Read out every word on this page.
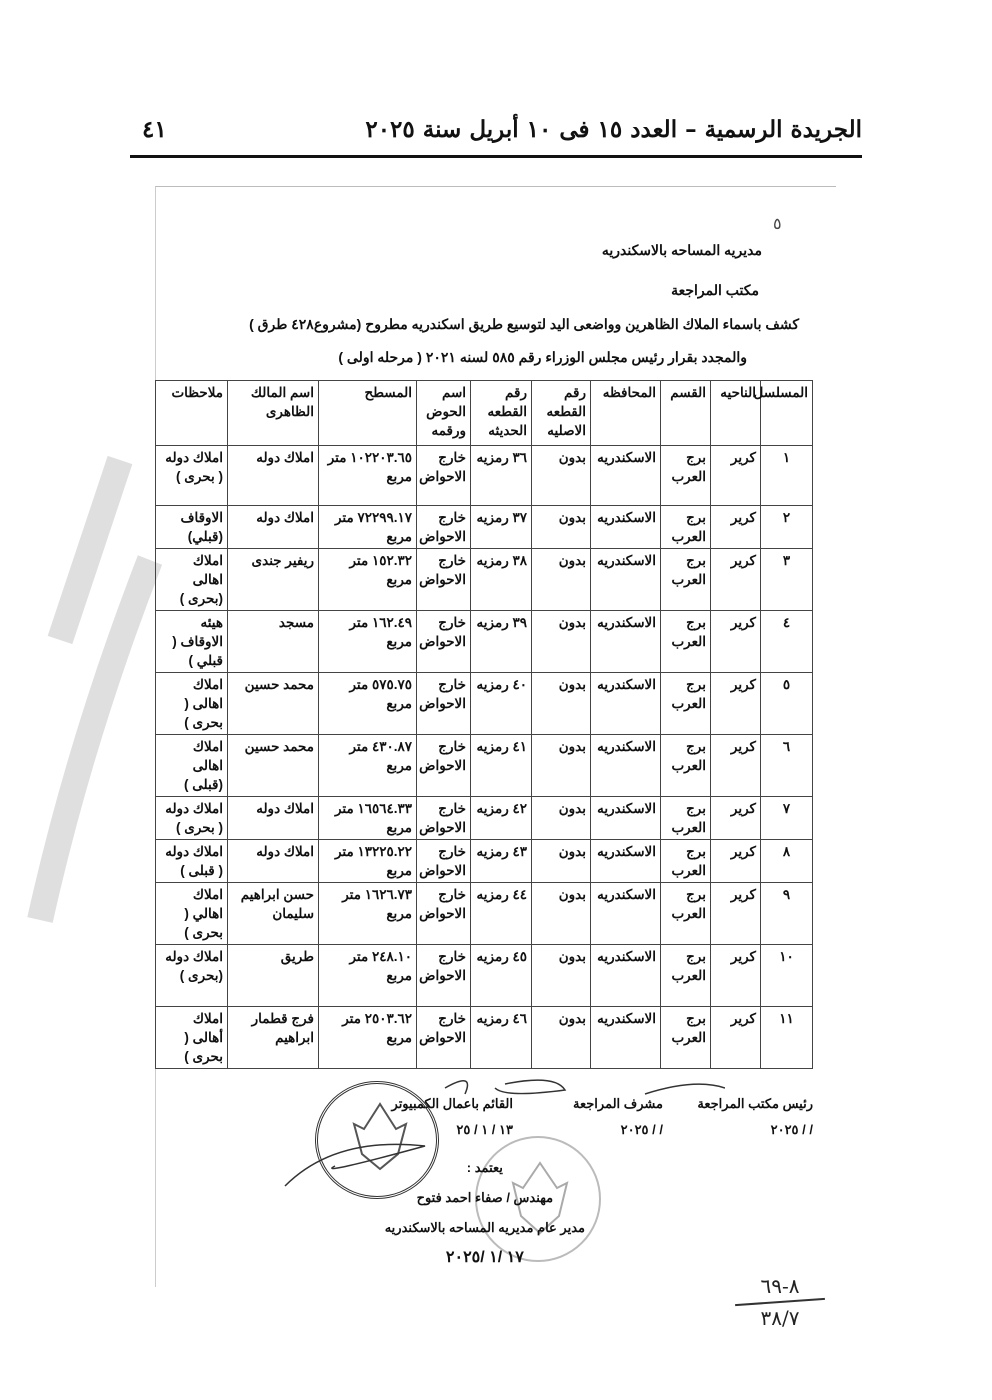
الجريدة الرسمية – العدد ١٥ فى ١٠ أبريل سنة ٢٠٢٥
٤١
٥
مديريه المساحه بالاسكندريه
مكتب المراجعة
كشف باسماء الملاك الظاهرين وواضعى اليد لتوسيع طريق اسكندريه مطروح (مشروع٤٢٨ طرق )
والمجدد بقرار رئيس مجلس الوزراء رقم ٥٨٥ لسنه ٢٠٢١ ( مرحله اولى )
المسلسل	الناحيه	القسم	المحافظه	رقم القطعه الاصليه	رقم القطعه الحديثه	اسم الحوض ورقمه	المسطح	اسم المالك الظاهرى	ملاحظات
١	كرير	برج العرب	الاسكندريه	بدون	٣٦ رمزيه	خارج الاحواض	١٠٢٢٠٣.٦٥ متر مربع	املاك دوله	املاك دوله ( بحرى )
٢	كرير	برج العرب	الاسكندريه	بدون	٣٧ رمزيه	خارج الاحواض	٧٢٢٩٩.١٧ متر مربع	املاك دوله	الاوقاف (قبلي)
٣	كرير	برج العرب	الاسكندريه	بدون	٣٨ رمزيه	خارج الاحواض	١٥٢.٣٢ متر مربع	ريفير جندى	املاك اهالى (بحرى )
٤	كرير	برج العرب	الاسكندريه	بدون	٣٩ رمزيه	خارج الاحواض	١٦٢.٤٩ متر مربع	مسجد	هيئه الاوقاف ( قبلي )
٥	كرير	برج العرب	الاسكندريه	بدون	٤٠ رمزيه	خارج الاحواض	٥٧٥.٧٥ متر مربع	محمد حسين	املاك اهالى ( بحرى )
٦	كرير	برج العرب	الاسكندريه	بدون	٤١ رمزيه	خارج الاحواض	٤٣٠.٨٧ متر مربع	محمد حسين	املاك اهالى (قبلى )
٧	كرير	برج العرب	الاسكندريه	بدون	٤٢ رمزيه	خارج الاحواض	١٦٥٦٤.٣٣ متر مربع	املاك دوله	املاك دوله ( بحرى )
٨	كرير	برج العرب	الاسكندريه	بدون	٤٣ رمزيه	خارج الاحواض	١٣٢٢٥.٢٢ متر مربع	املاك دوله	املاك دوله ( قبلى )
٩	كرير	برج العرب	الاسكندريه	بدون	٤٤ رمزيه	خارج الاحواض	١٦٢٦.٧٣ متر مربع	حسن ابراهيم سليمان	املاك اهالي ( بحرى )
١٠	كرير	برج العرب	الاسكندريه	بدون	٤٥ رمزيه	خارج الاحواض	٢٤٨.١٠ متر مربع	طريق	املاك دوله (بحرى )
١١	كرير	برج العرب	الاسكندريه	بدون	٤٦ رمزيه	خارج الاحواض	٢٥٠٣.٦٢ متر مربع	فرج قطمار ابراهيم	املاك أهالى ( بحرى )
رئيس مكتب المراجعة
مشرف المراجعة
القائم باعمال الكمبيوتر
/ / ٢٠٢٥
/ / ٢٠٢٥
١٣ / ١ / ٢٥
يعتمد :
مهندس / صفاء احمد فتوح
مدير عام مديريه المساحه بالاسكندريه
١٧ /١ /٢٠٢٥
٨-٦٩
٣٨/٧
